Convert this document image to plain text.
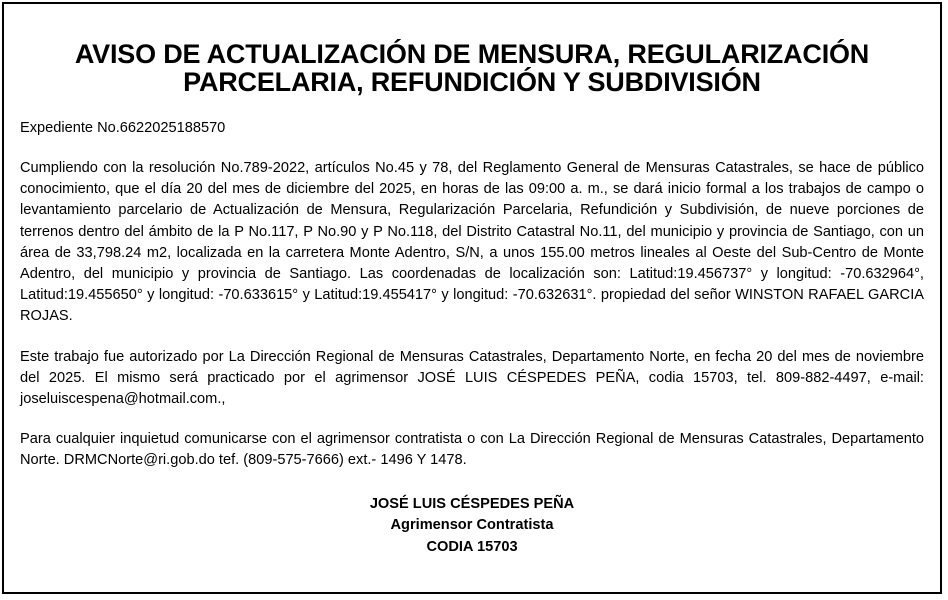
AVISO DE ACTUALIZACIÓN DE MENSURA, REGULARIZACIÓN
PARCELARIA, REFUNDICIÓN Y SUBDIVISIÓN

Expediente No.6622025188570

Cumpliendo con la resolución No.789-2022, artículos No.45 y 78, del Reglamento General de Mensuras Catastrales, se hace de público conocimiento, que el día 20 del mes de diciembre del 2025, en horas de las 09:00 a. m., se dará inicio formal a los trabajos de campo o levantamiento parcelario de Actualización de Mensura, Regularización Parcelaria, Refundición y Subdivisión, de nueve porciones de terrenos dentro del ámbito de la P No.117, P No.90 y P No.118, del Distrito Catastral No.11, del municipio y provincia de Santiago, con un área de 33,798.24 m2, localizada en la carretera Monte Adentro, S/N, a unos 155.00 metros lineales al Oeste del Sub-Centro de Monte Adentro, del municipio y provincia de Santiago. Las coordenadas de localización son: Latitud:19.456737° y longitud: -70.632964°, Latitud:19.455650° y longitud: -70.633615° y Latitud:19.455417° y longitud: -70.632631°. propiedad del señor WINSTON RAFAEL GARCIA ROJAS.

Este trabajo fue autorizado por La Dirección Regional de Mensuras Catastrales, Departamento Norte, en fecha 20 del mes de noviembre del 2025. El mismo será practicado por el agrimensor JOSÉ LUIS CÉSPEDES PEÑA, codia 15703, tel. 809-882-4497, e-mail: joseluiscespena@hotmail.com.,

Para cualquier inquietud comunicarse con el agrimensor contratista o con La Dirección Regional de Mensuras Catastrales, Departamento Norte. DRMCNorte@ri.gob.do tef. (809-575-7666) ext.- 1496 Y 1478.

JOSÉ LUIS CÉSPEDES PEÑA
Agrimensor Contratista
CODIA 15703
